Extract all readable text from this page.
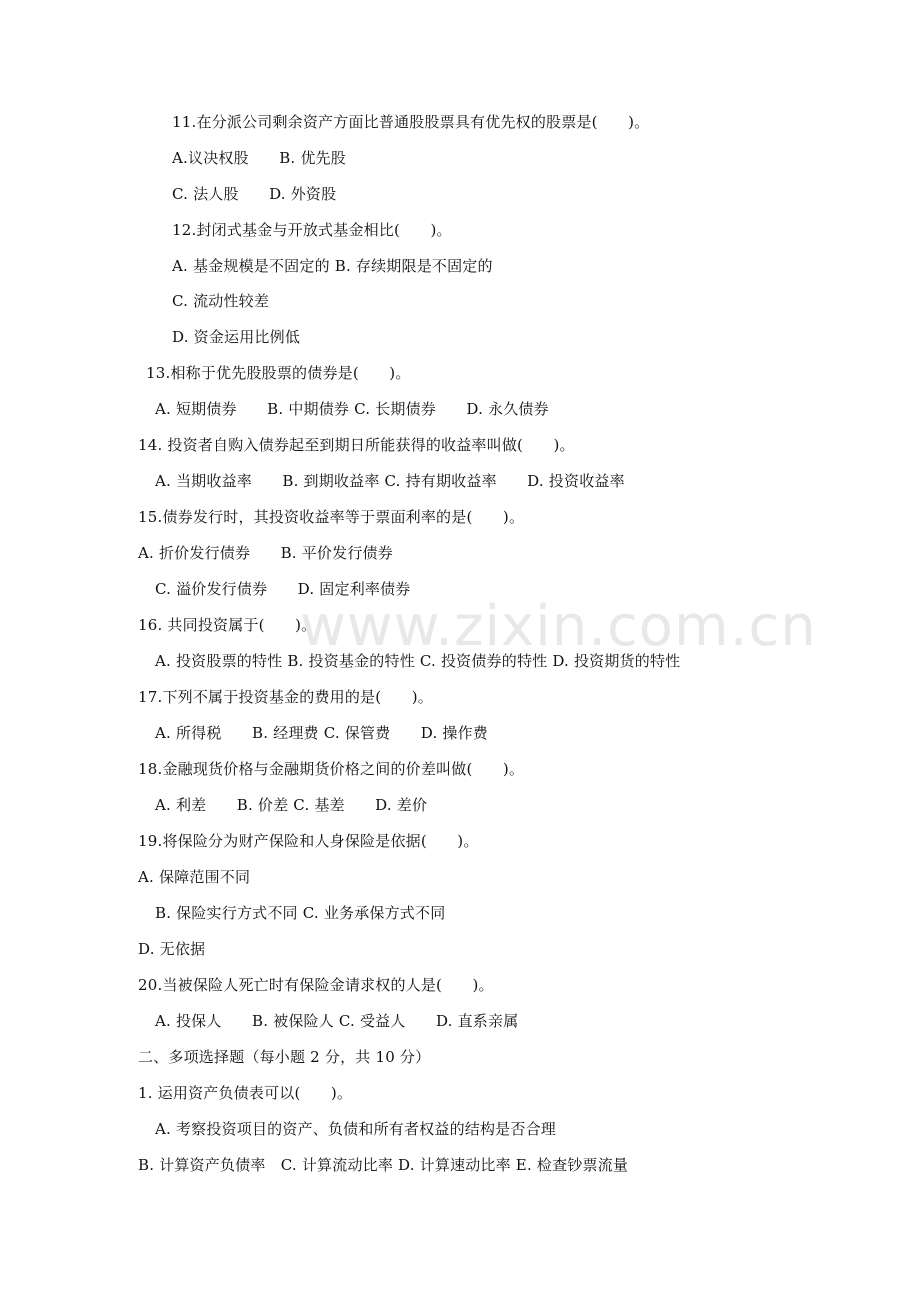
www.zixin.com.cn
11.在分派公司剩余资产方面比普通股股票具有优先权的股票是(　　)。
A.议决权股　　B. 优先股
C. 法人股　　D. 外资股
12.封闭式基金与开放式基金相比(　　)。
A. 基金规模是不固定的 B. 存续期限是不固定的
C. 流动性较差
D. 资金运用比例低
13.相称于优先股股票的债券是(　　)。
A. 短期债券　　B. 中期债券 C. 长期债券　　D. 永久债券
14. 投资者自购入债券起至到期日所能获得的收益率叫做(　　)。
A. 当期收益率　　B. 到期收益率 C. 持有期收益率　　D. 投资收益率
15.债券发行时，其投资收益率等于票面利率的是(　　)。
A. 折价发行债券　　B. 平价发行债券
C. 溢价发行债券　　D. 固定利率债券
16. 共同投资属于(　　)。
A. 投资股票的特性 B. 投资基金的特性 C. 投资债券的特性 D. 投资期货的特性
17.下列不属于投资基金的费用的是(　　)。
A. 所得税　　B. 经理费 C. 保管费　　D. 操作费
18.金融现货价格与金融期货价格之间的价差叫做(　　)。
A. 利差　　B. 价差 C. 基差　　D. 差价
19.将保险分为财产保险和人身保险是依据(　　)。
A. 保障范围不同
B. 保险实行方式不同 C. 业务承保方式不同
D. 无依据
20.当被保险人死亡时有保险金请求权的人是(　　)。
A. 投保人　　B. 被保险人 C. 受益人　　D. 直系亲属
二、多项选择题（每小题 2 分，共 10 分）
1. 运用资产负债表可以(　　)。
A. 考察投资项目的资产、负债和所有者权益的结构是否合理
B. 计算资产负债率　C. 计算流动比率 D. 计算速动比率 E. 检查钞票流量
